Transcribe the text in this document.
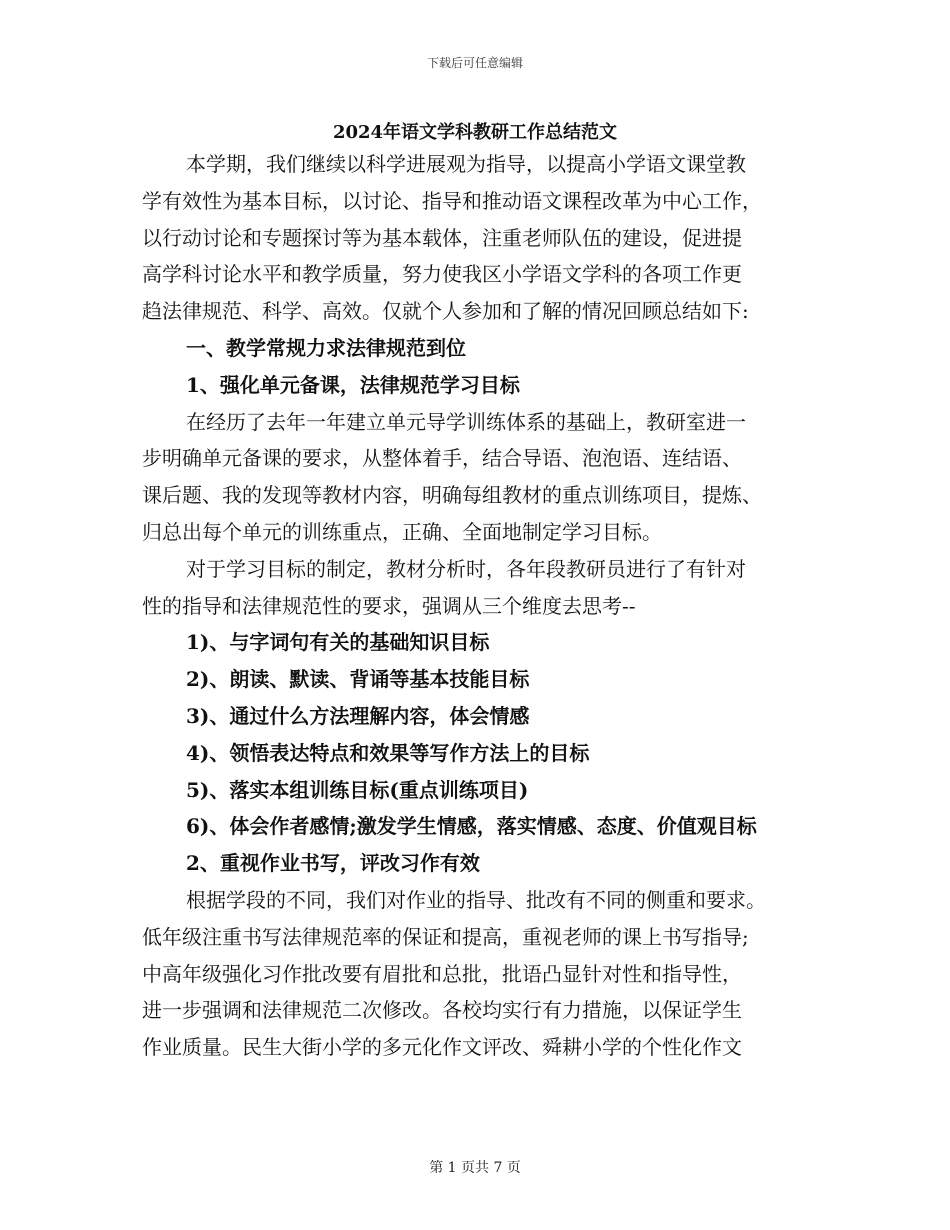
下载后可任意编辑
2024年语文学科教研工作总结范文
本学期，我们继续以科学进展观为指导，以提高小学语文课堂教
学有效性为基本目标，以讨论、指导和推动语文课程改革为中心工作，
以行动讨论和专题探讨等为基本载体，注重老师队伍的建设，促进提
高学科讨论水平和教学质量，努力使我区小学语文学科的各项工作更
趋法律规范、科学、高效。仅就个人参加和了解的情况回顾总结如下:
一、教学常规力求法律规范到位
1、强化单元备课，法律规范学习目标
在经历了去年一年建立单元导学训练体系的基础上，教研室进一
步明确单元备课的要求，从整体着手，结合导语、泡泡语、连结语、
课后题、我的发现等教材内容，明确每组教材的重点训练项目，提炼、
归总出每个单元的训练重点，正确、全面地制定学习目标。
对于学习目标的制定，教材分析时，各年段教研员进行了有针对
性的指导和法律规范性的要求，强调从三个维度去思考--
1)、与字词句有关的基础知识目标
2)、朗读、默读、背诵等基本技能目标
3)、通过什么方法理解内容，体会情感
4)、领悟表达特点和效果等写作方法上的目标
5)、落实本组训练目标(重点训练项目)
6)、体会作者感情;激发学生情感，落实情感、态度、价值观目标
2、重视作业书写，评改习作有效
根据学段的不同，我们对作业的指导、批改有不同的侧重和要求。
低年级注重书写法律规范率的保证和提高，重视老师的课上书写指导;
中高年级强化习作批改要有眉批和总批，批语凸显针对性和指导性，
进一步强调和法律规范二次修改。各校均实行有力措施，以保证学生
作业质量。民生大街小学的多元化作文评改、舜耕小学的个性化作文
第 1 页共 7 页
